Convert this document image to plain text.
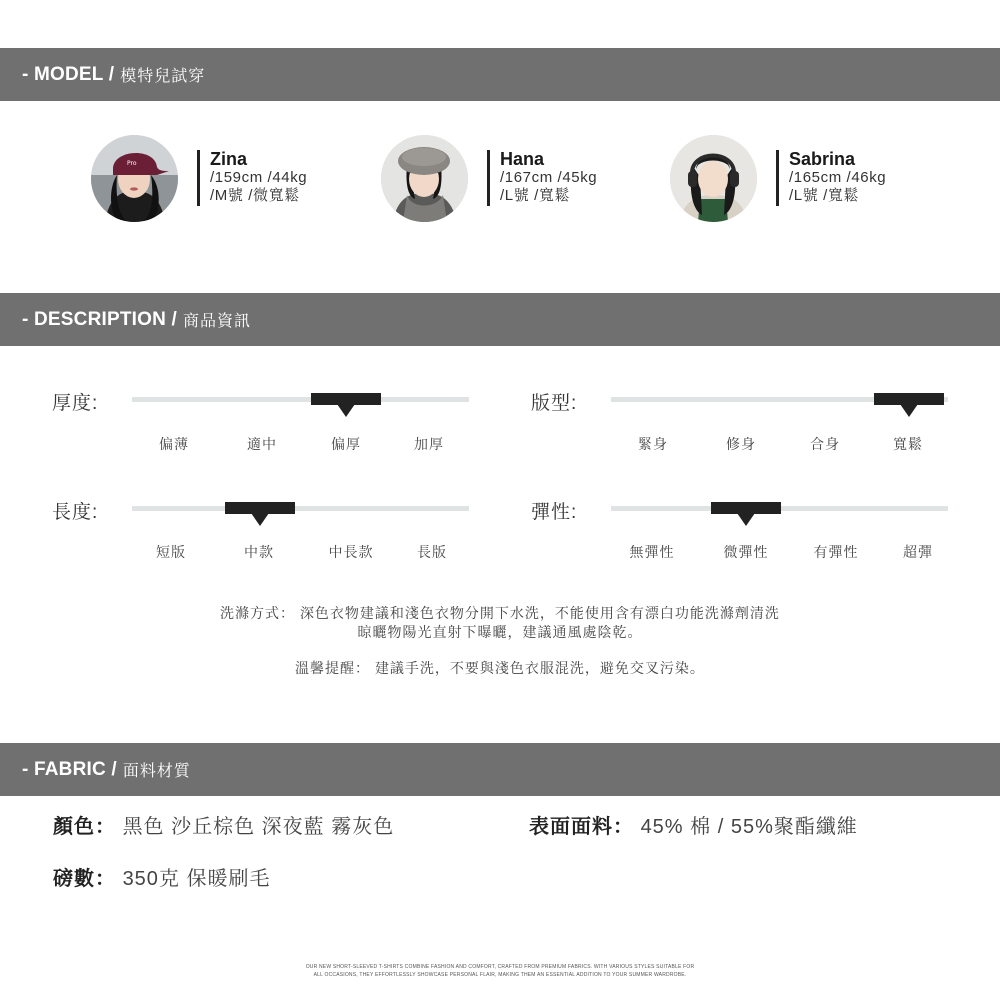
- MODEL / 模特兒試穿
Pro	Zina
/159cm /44kg
/M號 /微寬鬆
Hana
/167cm /45kg
/L號 /寬鬆
Sabrina
/165cm /46kg
/L號 /寬鬆
- DESCRIPTION / 商品資訊
厚度:
偏薄	適中	偏厚	加厚
版型:
緊身	修身	合身	寬鬆
長度:
短版	中款	中長款	長版
彈性:
無彈性	微彈性	有彈性	超彈
洗滌方式： 深色衣物建議和淺色衣物分開下水洗，不能使用含有漂白功能洗滌劑清洗
晾曬物陽光直射下曝曬，建議通風處陰乾。
溫馨提醒： 建議手洗，不要與淺色衣服混洗，避免交叉污染。
- FABRIC / 面料材質
顏色： 黑色 沙丘棕色 深夜藍 霧灰色	表面面料： 45% 棉 / 55%聚酯纖維
磅數： 350克 保暖刷毛
OUR NEW SHORT-SLEEVED T-SHIRTS COMBINE FASHION AND COMFORT, CRAFTED FROM PREMIUM FABRICS. WITH VARIOUS STYLES SUITABLE FOR
ALL OCCASIONS, THEY EFFORTLESSLY SHOWCASE PERSONAL FLAIR, MAKING THEM AN ESSENTIAL ADDITION TO YOUR SUMMER WARDROBE.
